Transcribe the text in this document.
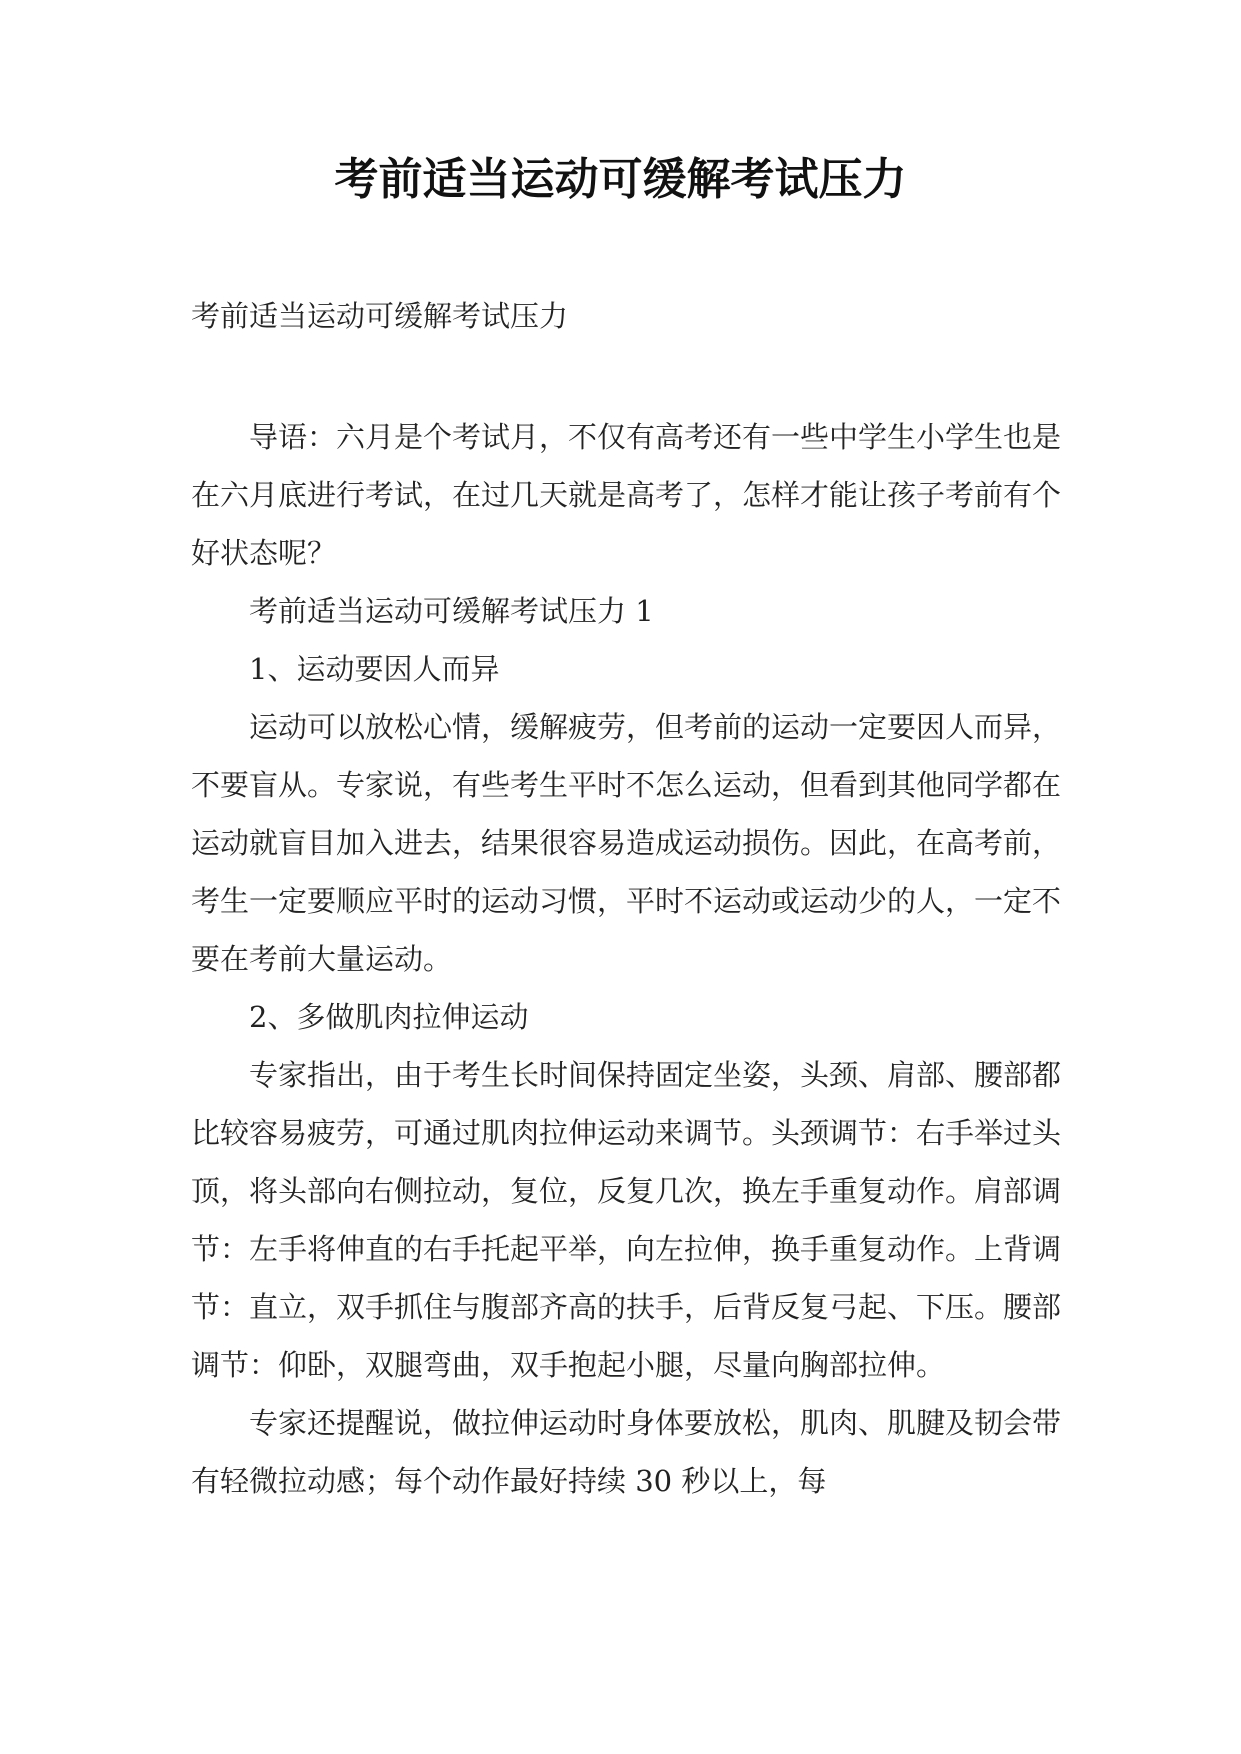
考前适当运动可缓解考试压力
考前适当运动可缓解考试压力

导语：六月是个考试月，不仅有高考还有一些中学生小学生也是在六月底进行考试，在过几天就是高考了，怎样才能让孩子考前有个好状态呢？

考前适当运动可缓解考试压力 1

1、运动要因人而异

运动可以放松心情，缓解疲劳，但考前的运动一定要因人而异，不要盲从。专家说，有些考生平时不怎么运动，但看到其他同学都在运动就盲目加入进去，结果很容易造成运动损伤。因此，在高考前，考生一定要顺应平时的运动习惯，平时不运动或运动少的人，一定不要在考前大量运动。

2、多做肌肉拉伸运动

专家指出，由于考生长时间保持固定坐姿，头颈、肩部、腰部都比较容易疲劳，可通过肌肉拉伸运动来调节。头颈调节：右手举过头顶，将头部向右侧拉动，复位，反复几次，换左手重复动作。肩部调节：左手将伸直的右手托起平举，向左拉伸，换手重复动作。上背调节：直立，双手抓住与腹部齐高的扶手，后背反复弓起、下压。腰部调节：仰卧，双腿弯曲，双手抱起小腿，尽量向胸部拉伸。

专家还提醒说，做拉伸运动时身体要放松，肌肉、肌腱及韧会带有轻微拉动感；每个动作最好持续 30 秒以上，每
